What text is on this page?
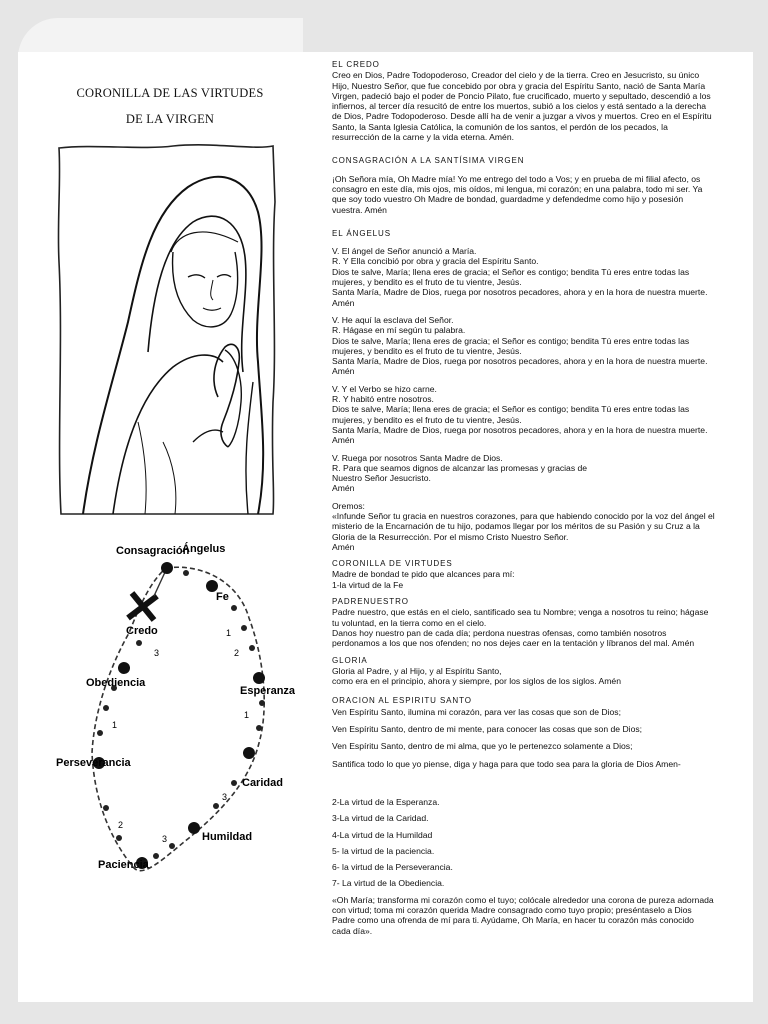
CORONILLA DE LAS VIRTUDES
DE LA VIRGEN
Consagración
Ángelus
Fe
Credo
Obediencia
Esperanza
Perseverancia
Caridad
Humildad
Paciencia
1
2
1
3
3
2
1
3
EL CREDO

Creo en Dios, Padre Todopoderoso, Creador del cielo y de la tierra. Creo en Jesucristo, su único
Hijo, Nuestro Señor, que fue concebido por obra y gracia del Espíritu Santo, nació de Santa María
Virgen, padeció bajo el poder de Poncio Pilato, fue crucificado, muerto y sepultado, descendió a los
infiernos, al tercer día resucitó de entre los muertos, subió a los cielos y está sentado a la derecha
de Dios, Padre Todopoderoso. Desde allí ha de venir a juzgar a vivos y muertos. Creo en el Espíritu
Santo, la Santa Iglesia Católica, la comunión de los santos, el perdón de los pecados, la
resurrección de la carne y la vida eterna. Amén.

CONSAGRACIÓN A LA SANTÍSIMA VIRGEN

¡Oh Señora mía, Oh Madre mía! Yo me entrego del todo a Vos; y en prueba de mi filial afecto, os
consagro en este día, mis ojos, mis oídos, mi lengua, mi corazón; en una palabra, todo mi ser. Ya
que soy todo vuestro Oh Madre de bondad, guardadme y defendedme como hijo y posesión
vuestra. Amén

EL ÁNGELUS

V. El ángel de Señor anunció a María.
R. Y Ella concibió por obra y gracia del Espíritu Santo.
Dios te salve, María; llena eres de gracia; el Señor es contigo; bendita Tú eres entre todas las
mujeres, y bendito es el fruto de tu vientre, Jesús.
Santa María, Madre de Dios, ruega por nosotros pecadores, ahora y en la hora de nuestra muerte.
Amén

V. He aquí la esclava del Señor.
R. Hágase en mí según tu palabra.
Dios te salve, María; llena eres de gracia; el Señor es contigo; bendita Tú eres entre todas las
mujeres, y bendito es el fruto de tu vientre, Jesús.
Santa María, Madre de Dios, ruega por nosotros pecadores, ahora y en la hora de nuestra muerte.
Amén

V. Y el Verbo se hizo carne.
R. Y habitó entre nosotros.
Dios te salve, María; llena eres de gracia; el Señor es contigo; bendita Tú eres entre todas las
mujeres, y bendito es el fruto de tu vientre, Jesús.
Santa María, Madre de Dios, ruega por nosotros pecadores, ahora y en la hora de nuestra muerte.
Amén

V. Ruega por nosotros Santa Madre de Dios.
R. Para que seamos dignos de alcanzar las promesas y gracias de
Nuestro Señor Jesucristo.
Amén

Oremos:
«Infunde Señor tu gracia en nuestros corazones, para que habiendo conocido por la voz del ángel el
misterio de la Encarnación de tu hijo, podamos llegar por los méritos de su Pasión y su Cruz a la
Gloria de la Resurrección. Por el mismo Cristo Nuestro Señor.
Amén

CORONILLA DE VIRTUDES

Madre de bondad te pido que alcances para mí:
1-la virtud de la Fe

PADRENUESTRO

Padre nuestro, que estás en el cielo, santificado sea tu Nombre; venga a nosotros tu reino; hágase
tu voluntad, en la tierra como en el cielo.

Danos hoy nuestro pan de cada día; perdona nuestras ofensas, como también nosotros
perdonamos a los que nos ofenden; no nos dejes caer en la tentación y líbranos del mal. Amén

GLORIA

Gloria al Padre, y al Hijo, y al Espíritu Santo,
como era en el principio, ahora y siempre, por los siglos de los siglos. Amén

ORACION AL ESPIRITU SANTO

Ven Espíritu Santo, ilumina mi corazón, para ver las cosas que son de Dios;

Ven Espíritu Santo, dentro de mi mente, para conocer las cosas que son de Dios;

Ven Espíritu Santo, dentro de mi alma, que yo le pertenezco solamente a Dios;

Santifica todo lo que yo piense, diga y haga para que todo sea para la gloria de Dios Amen-

2-La virtud de la Esperanza.

3-La virtud de la Caridad.

4-La virtud de la Humildad

5- la virtud de la paciencia.

6- la virtud de la Perseverancia.

7- La virtud de la Obediencia.

«Oh María; transforma mi corazón como el tuyo; colócale alrededor una corona de pureza adornada
con virtud; toma mi corazón querida Madre consagrado como tuyo propio; preséntaselo a Dios
Padre como una ofrenda de mí para ti. Ayúdame, Oh María, en hacer tu corazón más conocido
cada día».
